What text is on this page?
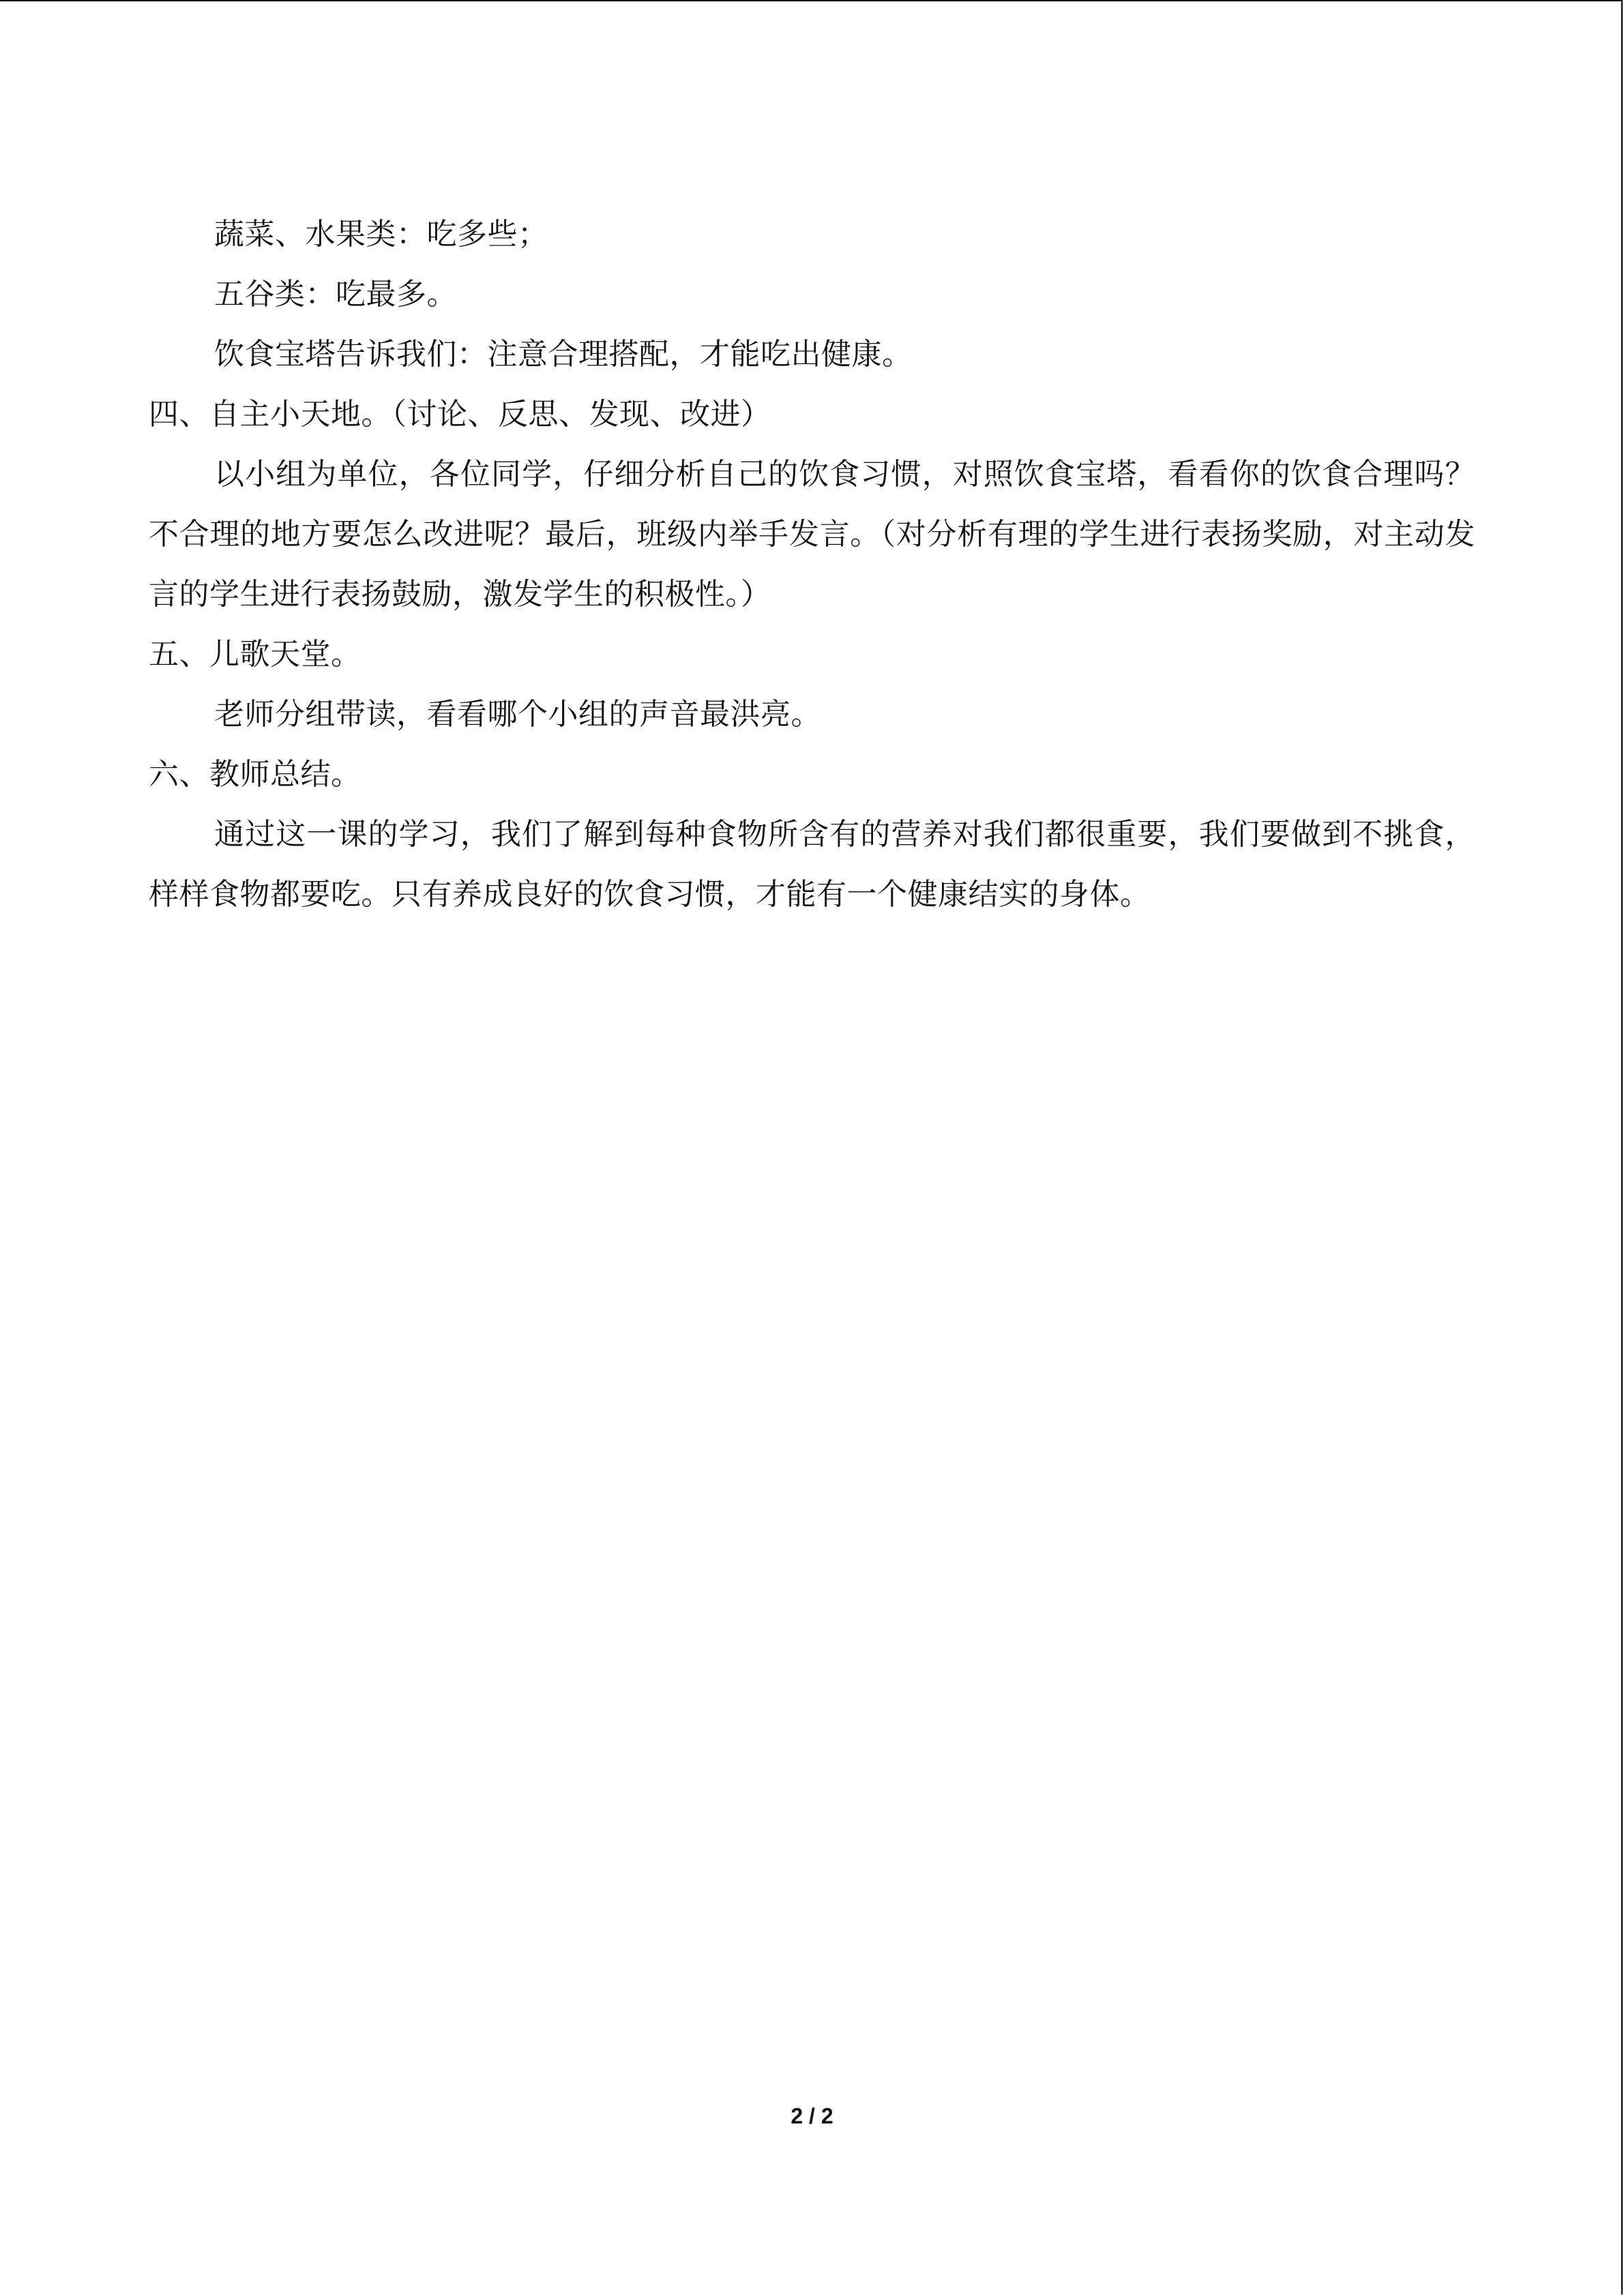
蔬菜、水果类：吃多些；
五谷类：吃最多。
饮食宝塔告诉我们：注意合理搭配，才能吃出健康。
四、自主小天地。（讨论、反思、发现、改进）
以小组为单位，各位同学，仔细分析自己的饮食习惯，对照饮食宝塔，看看你的饮食合理吗？不合理的地方要怎么改进呢？最后，班级内举手发言。（对分析有理的学生进行表扬奖励，对主动发言的学生进行表扬鼓励，激发学生的积极性。）
五、儿歌天堂。
老师分组带读，看看哪个小组的声音最洪亮。
六、教师总结。
通过这一课的学习，我们了解到每种食物所含有的营养对我们都很重要，我们要做到不挑食，样样食物都要吃。只有养成良好的饮食习惯，才能有一个健康结实的身体。
2 / 2
